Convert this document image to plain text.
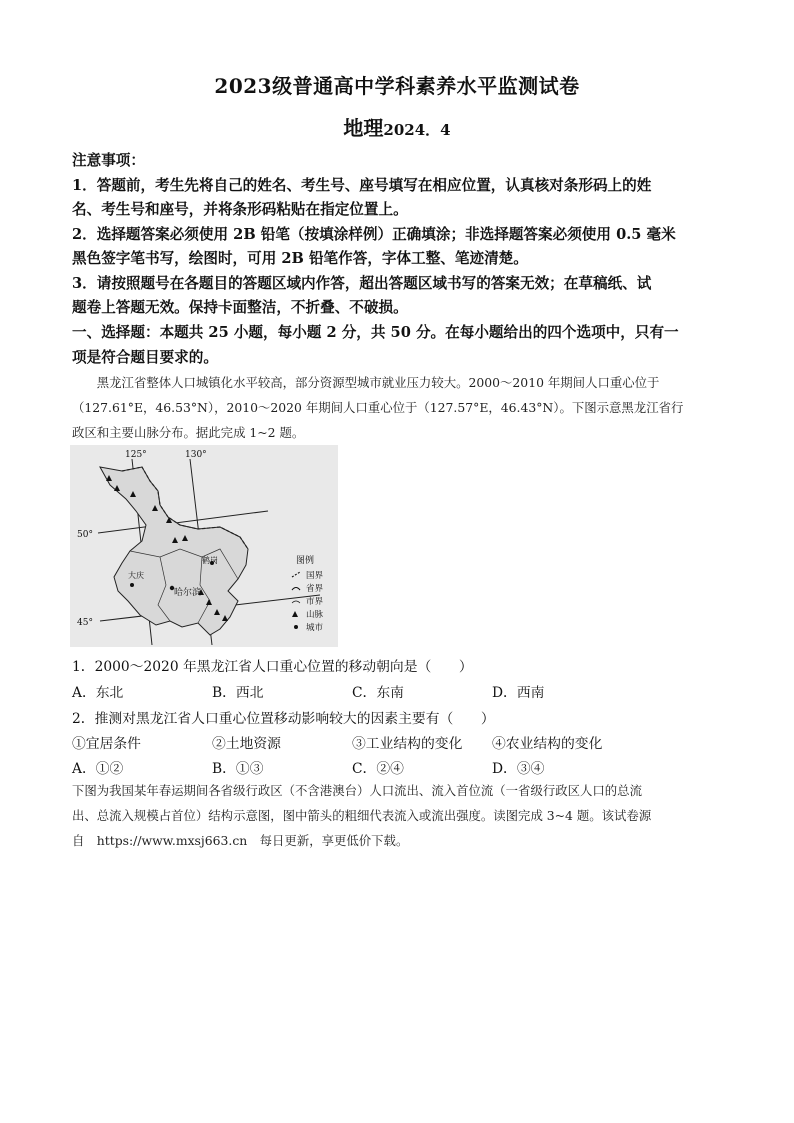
2023级普通高中学科素养水平监测试卷
地理2024．4
注意事项：
1．答题前，考生先将自己的姓名、考生号、座号填写在相应位置，认真核对条形码上的姓
名、考生号和座号，并将条形码粘贴在指定位置上。
2．选择题答案必须使用 2B 铅笔（按填涂样例）正确填涂；非选择题答案必须使用 0.5 毫米
黑色签字笔书写，绘图时，可用 2B 铅笔作答，字体工整、笔迹清楚。
3．请按照题号在各题目的答题区域内作答，超出答题区域书写的答案无效；在草稿纸、试
题卷上答题无效。保持卡面整洁，不折叠、不破损。
一、选择题：本题共 25 小题，每小题 2 分，共 50 分。在每小题给出的四个选项中，只有一
项是符合题目要求的。
　　黑龙江省整体人口城镇化水平较高，部分资源型城市就业压力较大。2000～2010 年期间人口重心位于
（127.61°E，46.53°N），2010～2020 年期间人口重心位于（127.57°E，46.43°N）。下图示意黑龙江省行
政区和主要山脉分布。据此完成 1~2 题。
125°	130°
50°
45°
哈尔滨
大庆
鹤岗	图例
国界
省界
市界
山脉
城市
1．2000～2020 年黑龙江省人口重心位置的移动朝向是（　　）
A．东北	B．西北	C．东南	D．西南
2．推测对黑龙江省人口重心位置移动影响较大的因素主要有（　　）
①宜居条件	②土地资源	③工业结构的变化 ④农业结构的变化
A．①②	B．①③	C．②④	D．③④
下图为我国某年春运期间各省级行政区（不含港澳台）人口流出、流入首位流（一省级行政区人口的总流
出、总流入规模占首位）结构示意图，图中箭头的粗细代表流入或流出强度。读图完成 3~4 题。该试卷源
自　https://www.mxsj663.cn　每日更新，享更低价下载。
